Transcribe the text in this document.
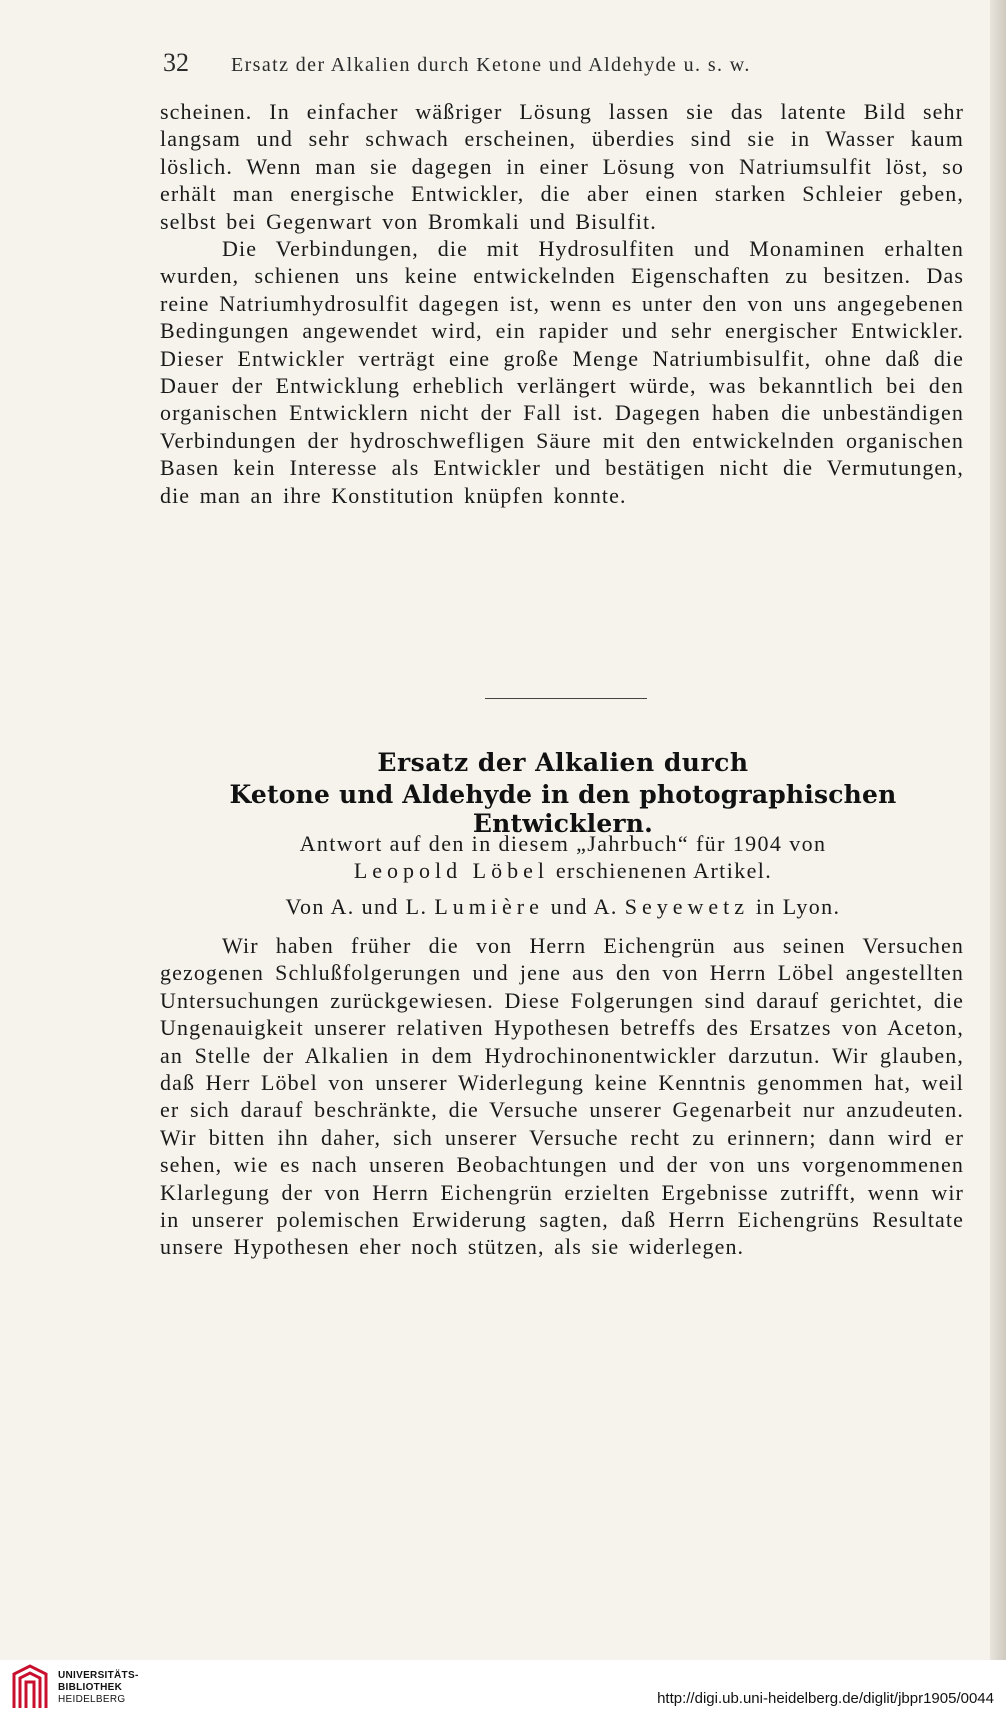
32 Ersatz der Alkalien durch Ketone und Aldehyde u. s. w.

scheinen. In einfacher wäßriger Lösung lassen sie das latente Bild sehr langsam und sehr schwach erscheinen, überdies sind sie in Wasser kaum löslich. Wenn man sie dagegen in einer Lösung von Natriumsulfit löst, so erhält man energische Entwickler, die aber einen starken Schleier geben, selbst bei Gegenwart von Bromkali und Bisulfit.

Die Verbindungen, die mit Hydrosulfiten und Monaminen erhalten wurden, schienen uns keine entwickelnden Eigenschaften zu besitzen. Das reine Natriumhydrosulfit dagegen ist, wenn es unter den von uns angegebenen Bedingungen angewendet wird, ein rapider und sehr energischer Entwickler. Dieser Entwickler verträgt eine große Menge Natriumbisulfit, ohne daß die Dauer der Entwicklung erheblich verlängert würde, was bekanntlich bei den organischen Entwicklern nicht der Fall ist. Dagegen haben die unbeständigen Verbindungen der hydroschwefligen Säure mit den entwickelnden organischen Basen kein Interesse als Entwickler und bestätigen nicht die Vermutungen, die man an ihre Konstitution knüpfen konnte.

Ersatz der Alkalien durch
Ketone und Aldehyde in den photographischen Entwicklern.
Antwort auf den in diesem „Jahrbuch“ für 1904 von
Leopold Löbel erschienenen Artikel.
Von A. und L. Lumière und A. Seyewetz in Lyon.

Wir haben früher die von Herrn Eichengrün aus seinen Versuchen gezogenen Schlußfolgerungen und jene aus den von Herrn Löbel angestellten Untersuchungen zurückgewiesen. Diese Folgerungen sind darauf gerichtet, die Ungenauigkeit unserer relativen Hypothesen betreffs des Ersatzes von Aceton, an Stelle der Alkalien in dem Hydrochinonentwickler darzutun. Wir glauben, daß Herr Löbel von unserer Widerlegung keine Kenntnis genommen hat, weil er sich darauf beschränkte, die Versuche unserer Gegenarbeit nur anzudeuten. Wir bitten ihn daher, sich unserer Versuche recht zu erinnern; dann wird er sehen, wie es nach unseren Beobachtungen und der von uns vorgenommenen Klarlegung der von Herrn Eichengrün erzielten Ergebnisse zutrifft, wenn wir in unserer polemischen Erwiderung sagten, daß Herrn Eichengrüns Resultate unsere Hypothesen eher noch stützen, als sie widerlegen.

UNIVERSITÄTS-
BIBLIOTHEK
HEIDELBERG	http://digi.ub.uni-heidelberg.de/diglit/jbpr1905/0044
